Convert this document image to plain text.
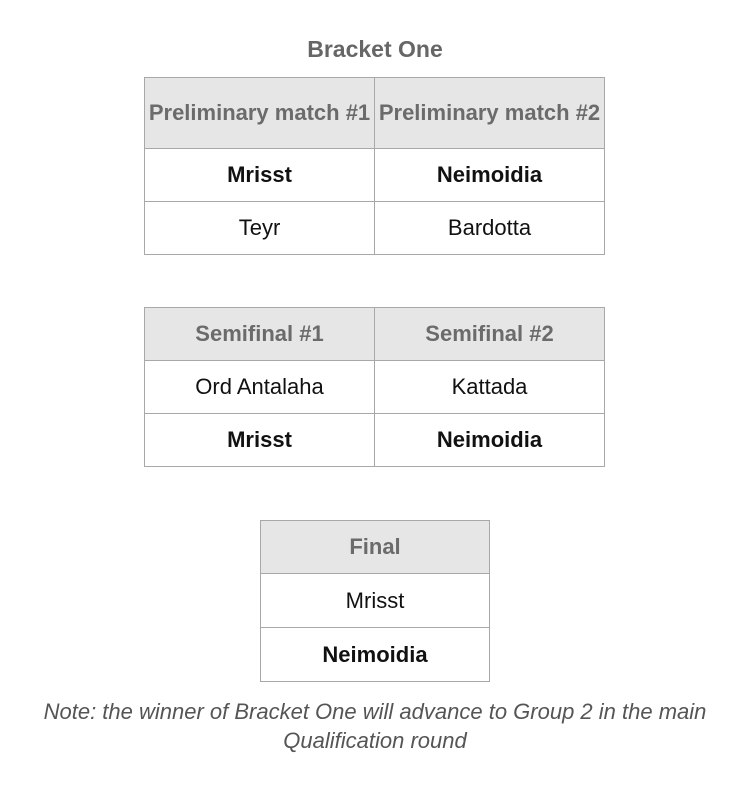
Bracket One
Preliminary match #1	Preliminary match #2
Mrisst	Neimoidia
Teyr	Bardotta
Semifinal #1	Semifinal #2
Ord Antalaha	Kattada
Mrisst	Neimoidia
Final
Mrisst
Neimoidia
Note: the winner of Bracket One will advance to Group 2 in the main Qualification round
